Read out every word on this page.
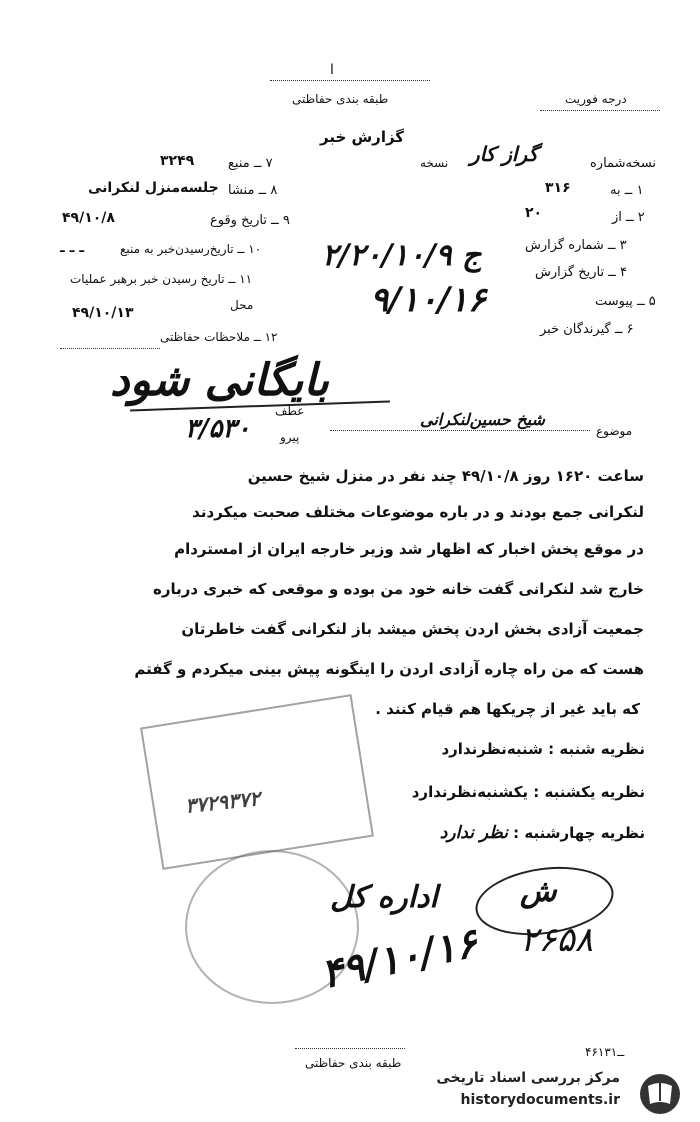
ا
طبقه بندی حفاظتی	درجه فوریت
گزارش خبر
۷ ــ منبع
۳۲۴۹
۸ ــ منشا
جلسه‌منزل لنکرانی
۹ ــ تاریخ وقوع
۴۹/۱۰/۸
۱۰ ــ تاریخ‌رسیدن‌خبر به منبع
ـ ـ ـ
۱۱ ــ تاریخ رسیدن خبر برهبر عملیات
محل
۴۹/۱۰/۱۳
۱۲ ــ ملاحظات حفاظتی
نسخه‌شماره
نسخه گراز کار
۱ ــ به
۳۱۶
۲ ــ از
۲۰
۳ ــ شماره گزارش
۴ ــ تاریخ گزارش
۵ ــ پیوست
۶ ــ گیرندگان خبر
۲/۲۰/۱۰/۹ ج
۹/۱۰/۱۶
بایگانی شود
عطف
پیرو
۳/۵۳۰	موضوع
شیخ حسین‌لنکرانی
ساعت ۱۶۲۰ روز ۴۹/۱۰/۸ چند نفر در منزل شیخ حسین
لنکرانی جمع بودند و در باره موضوعات مختلف صحبت میکردند
در موقع پخش اخبار که اظهار شد وزیر خارجه ایران از امستردام
خارج شد لنکرانی گفت خانه خود من بوده و موقعی که خبری درباره
جمعیت آزادی بخش اردن پخش میشد باز لنکرانی گفت خاطرتان
هست که من راه چاره آزادی اردن را اینگونه پیش بینی میکردم و گفتم
که باید غیر از چریکها هم قیام کنند .
۳۷۲۹۳۷۲
نظریه شنبه : شنبه‌نظرندارد
نظریه یکشنبه : یکشنبه‌نظرندارد
نظریه چهارشنبه : نظر ندارد
ش
اداره کل
۴۹/۱۰/۱۶ ۲۶۵۸
۴۶ــ۱۳۱
طبقه بندی حفاظتی
مرکز بررسی اسناد تاریخی
historydocuments.ir
